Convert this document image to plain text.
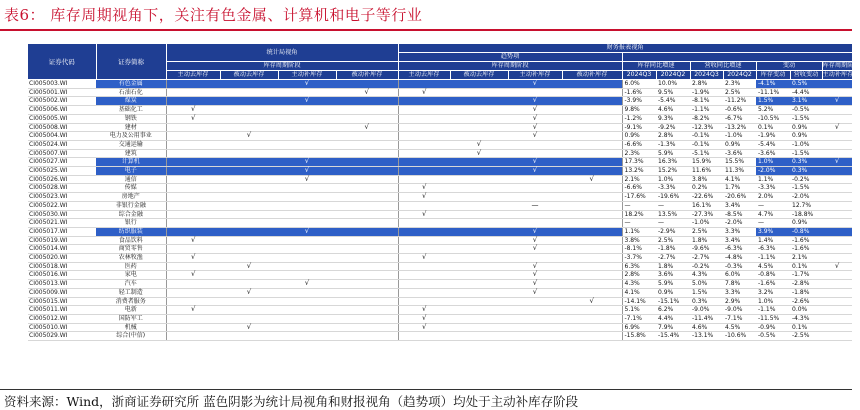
表6： 库存周期视角下，关注有色金属、计算机和电子等行业
证券代码	证券简称	统计局视角				财务报表视角										
						趋势项										
		库存周期阶段				库存周期阶段				库存同比增速		营收同比增速		变动		库存周期阶段
		主动去库存	被动去库存	主动补库存	被动补库存	主动去库存	被动去库存	主动补库存	被动补库存	2024Q3	2024Q2	2024Q3	2024Q2	库存变动	营收变动	主动补库存
CI005003.WI	有色金属			√				√		6.0%	10.0%	2.8%	2.3%	-4.1%	0.5%	
CI005001.WI	石油石化				√	√				-1.6%	9.5%	-1.9%	2.5%	-11.1%	-4.4%	
CI005002.WI	煤炭			√				√		-3.9%	-5.4%	-8.1%	-11.2%	1.5%	3.1%	√
CI005006.WI	基础化工	√						√		9.8%	4.6%	-1.1%	-0.6%	5.2%	-0.5%	
CI005005.WI	钢铁	√						√		-1.2%	9.3%	-8.2%	-6.7%	-10.5%	-1.5%	
CI005008.WI	建材				√			√		-9.1%	-9.2%	-12.3%	-13.2%	0.1%	0.9%	√
CI005004.WI	电力及公用事业		√					√		0.9%	2.8%	-0.1%	-1.0%	-1.9%	0.9%	
CI005024.WI	交通运输						√			-6.6%	-1.3%	-0.1%	0.9%	-5.4%	-1.0%	
CI005007.WI	建筑						√			2.3%	5.9%	-5.1%	-3.6%	-3.6%	-1.5%	
CI005027.WI	计算机			√				√		17.3%	16.3%	15.9%	15.5%	1.0%	0.3%	√
CI005025.WI	电子			√				√		13.2%	15.2%	11.6%	11.3%	-2.0%	0.3%	
CI005026.WI	通信			√					√	2.1%	1.0%	3.8%	4.1%	1.1%	-0.2%	
CI005028.WI	传媒					√				-6.6%	-3.3%	0.2%	1.7%	-3.3%	-1.5%	
CI005023.WI	房地产					√				-17.6%	-19.6%	-22.6%	-20.6%	2.0%	-2.0%	
CI005022.WI	非银行金融							—		—	—	16.1%	3.4%	—	12.7%	
CI005030.WI	综合金融					√				18.2%	13.5%	-27.3%	-8.5%	4.7%	-18.8%	
CI005021.WI	银行									—	—	-1.0%	-2.0%	—	0.9%	
CI005017.WI	纺织服装			√				√		1.1%	-2.9%	2.5%	3.3%	3.9%	-0.8%	
CI005019.WI	食品饮料	√						√		3.8%	2.5%	1.8%	3.4%	1.4%	-1.6%	
CI005014.WI	商贸零售							√		-8.1%	-1.8%	-9.6%	-6.3%	-6.3%	-1.6%	
CI005020.WI	农林牧渔	√				√				-3.7%	-2.7%	-2.7%	-4.8%	-1.1%	2.1%	
CI005018.WI	医药		√					√		6.3%	1.8%	-0.2%	-0.3%	4.5%	0.1%	√
CI005016.WI	家电	√						√		2.8%	3.6%	4.3%	6.0%	-0.8%	-1.7%	
CI005013.WI	汽车			√				√		4.3%	5.9%	5.0%	7.8%	-1.6%	-2.8%	
CI005009.WI	轻工制造		√					√		4.1%	0.9%	1.5%	3.3%	3.2%	-1.8%	
CI005015.WI	消费者服务								√	-14.1%	-15.1%	0.3%	2.9%	1.0%	-2.6%	
CI005011.WI	电新	√				√				5.1%	6.2%	-9.0%	-9.0%	-1.1%	0.0%	
CI005012.WI	国防军工					√				-7.1%	4.4%	-11.4%	-7.1%	-11.5%	-4.3%	
CI005010.WI	机械		√			√				6.9%	7.9%	4.6%	4.5%	-0.9%	0.1%	
CI005029.WI	综合(中信)									-15.8%	-15.4%	-13.1%	-10.6%	-0.5%	-2.5%	
资料来源：Wind，浙商证券研究所 蓝色阴影为统计局视角和财报视角（趋势项）均处于主动补库存阶段
